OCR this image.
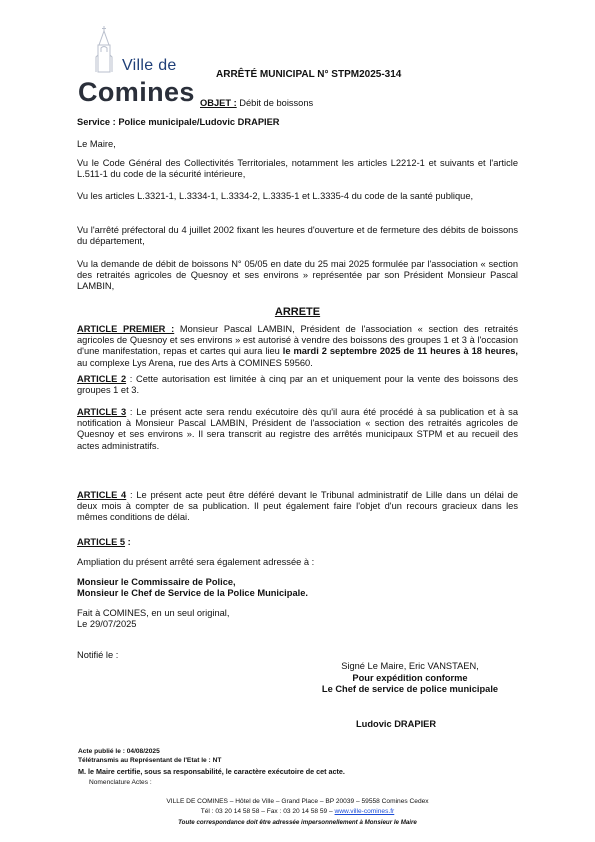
Ville de
Comines
ARRÊTÉ MUNICIPAL N° STPM2025-314
OBJET : Débit de boissons
Service : Police municipale/Ludovic DRAPIER
Le Maire,
Vu le Code Général des Collectivités Territoriales, notamment les articles L2212-1 et suivants et l'article L.511-1 du code de la sécurité intérieure,
Vu les articles L.3321-1, L.3334-1, L.3334-2, L.3335-1 et L.3335-4 du code de la santé publique,
Vu l'arrêté préfectoral du 4 juillet 2002 fixant les heures d'ouverture et de fermeture des débits de boissons du département,
Vu la demande de débit de boissons N° 05/05 en date du 25 mai 2025 formulée par l'association « section des retraités agricoles de Quesnoy et ses environs » représentée par son Président Monsieur Pascal LAMBIN,
ARRETE
ARTICLE PREMIER : Monsieur Pascal LAMBIN, Président de l'association « section des retraités agricoles de Quesnoy et ses environs » est autorisé à vendre des boissons des groupes 1 et 3 à l'occasion d'une manifestation, repas et cartes qui aura lieu le mardi 2 septembre 2025 de 11 heures à 18 heures, au complexe Lys Arena, rue des Arts à COMINES 59560.
ARTICLE 2 : Cette autorisation est limitée à cinq par an et uniquement pour la vente des boissons des groupes 1 et 3.
ARTICLE 3 : Le présent acte sera rendu exécutoire dès qu'il aura été procédé à sa publication et à sa notification à Monsieur Pascal LAMBIN, Président de l'association « section des retraités agricoles de Quesnoy et ses environs ». Il sera transcrit au registre des arrêtés municipaux STPM et au recueil des actes administratifs.
ARTICLE 4 : Le présent acte peut être déféré devant le Tribunal administratif de Lille dans un délai de deux mois à compter de sa publication. Il peut également faire l'objet d'un recours gracieux dans les mêmes conditions de délai.
ARTICLE 5 :
Ampliation du présent arrêté sera également adressée à :
Monsieur le Commissaire de Police,
Monsieur le Chef de Service de la Police Municipale.
Fait à COMINES, en un seul original,
Le 29/07/2025
Notifié le :
Signé Le Maire, Eric VANSTAEN,
Pour expédition conforme
Le Chef de service de police municipale
Ludovic DRAPIER
Acte publié le : 04/08/2025
Télétransmis au Représentant de l'Etat le : NT
M. le Maire certifie, sous sa responsabilité, le caractère exécutoire de cet acte.
Nomenclature Actes :
VILLE DE COMINES – Hôtel de Ville – Grand Place – BP 20039 – 59558 Comines Cedex
Tél : 03 20 14 58 58 – Fax : 03 20 14 58 59 – www.ville-comines.fr
Toute correspondance doit être adressée impersonnellement à Monsieur le Maire
